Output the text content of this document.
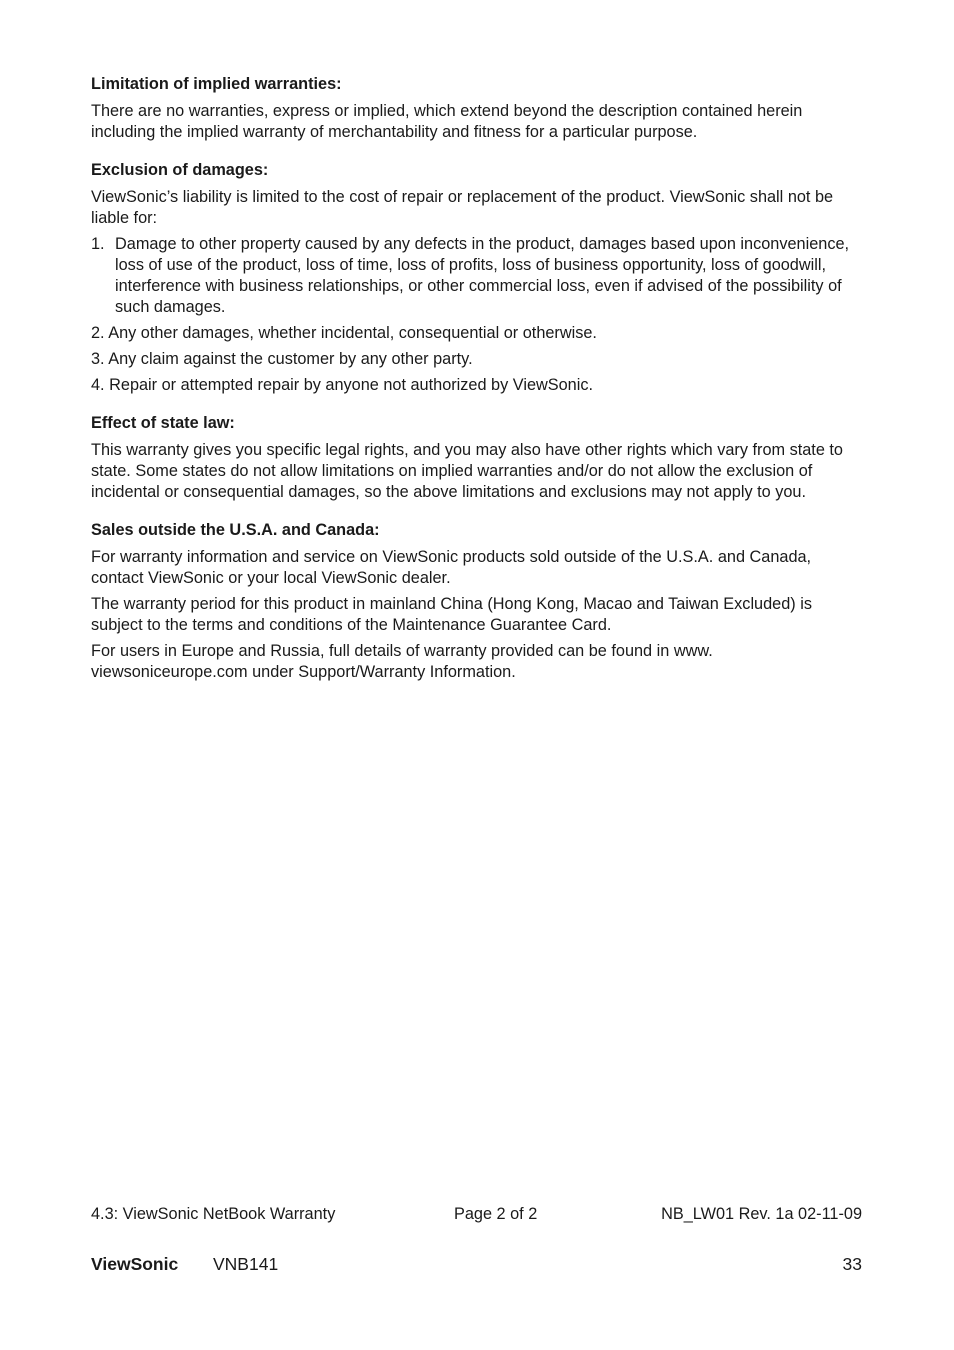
Limitation of implied warranties:
There are no warranties, express or implied, which extend beyond the description contained herein including the implied warranty of merchantability and fitness for a particular purpose.
Exclusion of damages:
ViewSonic’s liability is limited to the cost of repair or replacement of the product. ViewSonic shall not be liable for:
1. Damage to other property caused by any defects in the product, damages based upon inconvenience, loss of use of the product, loss of time, loss of profits, loss of business opportunity, loss of goodwill, interference with business relationships, or other commercial loss, even if advised of the possibility of such damages.
2. Any other damages, whether incidental, consequential or otherwise.
3. Any claim against the customer by any other party.
4. Repair or attempted repair by anyone not authorized by ViewSonic.
Effect of state law:
This warranty gives you specific legal rights, and you may also have other rights which vary from state to state. Some states do not allow limitations on implied warranties and/or do not allow the exclusion of incidental or consequential damages, so the above limitations and exclusions may not apply to you.
Sales outside the U.S.A. and Canada:
For warranty information and service on ViewSonic products sold outside of the U.S.A. and Canada, contact ViewSonic or your local ViewSonic dealer.
The warranty period for this product in mainland China (Hong Kong, Macao and Taiwan Excluded) is subject to the terms and conditions of the Maintenance Guarantee Card.
For users in Europe and Russia, full details of warranty provided can be found in www. viewsoniceurope.com under Support/Warranty Information.
4.3: ViewSonic NetBook Warranty	Page 2 of 2	NB_LW01 Rev. 1a 02-11-09
ViewSonic VNB141	33
